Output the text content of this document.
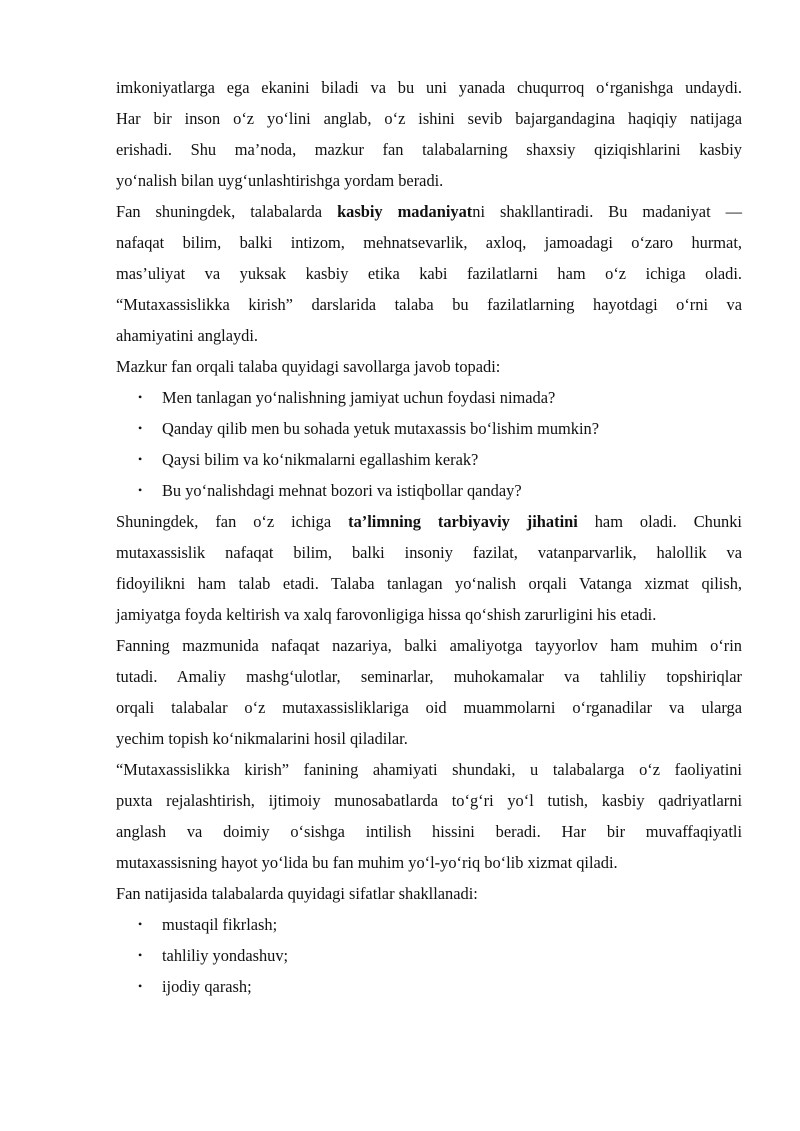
imkoniyatlarga ega ekanini biladi va bu uni yanada chuqurroq o‘rganishga undaydi.

Har bir inson o‘z yo‘lini anglab, o‘z ishini sevib bajargandagina haqiqiy natijaga

erishadi. Shu ma’noda, mazkur fan talabalarning shaxsiy qiziqishlarini kasbiy

yo‘nalish bilan uyg‘unlashtirishga yordam beradi.

Fan shuningdek, talabalarda kasbiy madaniyatni shakllantiradi. Bu madaniyat —

nafaqat bilim, balki intizom, mehnatsevarlik, axloq, jamoadagi o‘zaro hurmat,

mas’uliyat va yuksak kasbiy etika kabi fazilatlarni ham o‘z ichiga oladi.

“Mutaxassislikka kirish” darslarida talaba bu fazilatlarning hayotdagi o‘rni va

ahamiyatini anglaydi.

Mazkur fan orqali talaba quyidagi savollarga javob topadi:

• Men tanlagan yo‘nalishning jamiyat uchun foydasi nimada?
• Qanday qilib men bu sohada yetuk mutaxassis bo‘lishim mumkin?
• Qaysi bilim va ko‘nikmalarni egallashim kerak?
• Bu yo‘nalishdagi mehnat bozori va istiqbollar qanday?

Shuningdek, fan o‘z ichiga ta’limning tarbiyaviy jihatini ham oladi. Chunki

mutaxassislik nafaqat bilim, balki insoniy fazilat, vatanparvarlik, halollik va

fidoyilikni ham talab etadi. Talaba tanlagan yo‘nalish orqali Vatanga xizmat qilish,

jamiyatga foyda keltirish va xalq farovonligiga hissa qo‘shish zarurligini his etadi.

Fanning mazmunida nafaqat nazariya, balki amaliyotga tayyorlov ham muhim o‘rin

tutadi. Amaliy mashg‘ulotlar, seminarlar, muhokamalar va tahliliy topshiriqlar

orqali talabalar o‘z mutaxassisliklariga oid muammolarni o‘rganadilar va ularga

yechim topish ko‘nikmalarini hosil qiladilar.

“Mutaxassislikka kirish” fanining ahamiyati shundaki, u talabalarga o‘z faoliyatini

puxta rejalashtirish, ijtimoiy munosabatlarda to‘g‘ri yo‘l tutish, kasbiy qadriyatlarni

anglash va doimiy o‘sishga intilish hissini beradi. Har bir muvaffaqiyatli

mutaxassisning hayot yo‘lida bu fan muhim yo‘l-yo‘riq bo‘lib xizmat qiladi.

Fan natijasida talabalarda quyidagi sifatlar shakllanadi:

• mustaqil fikrlash;
• tahliliy yondashuv;
• ijodiy qarash;
